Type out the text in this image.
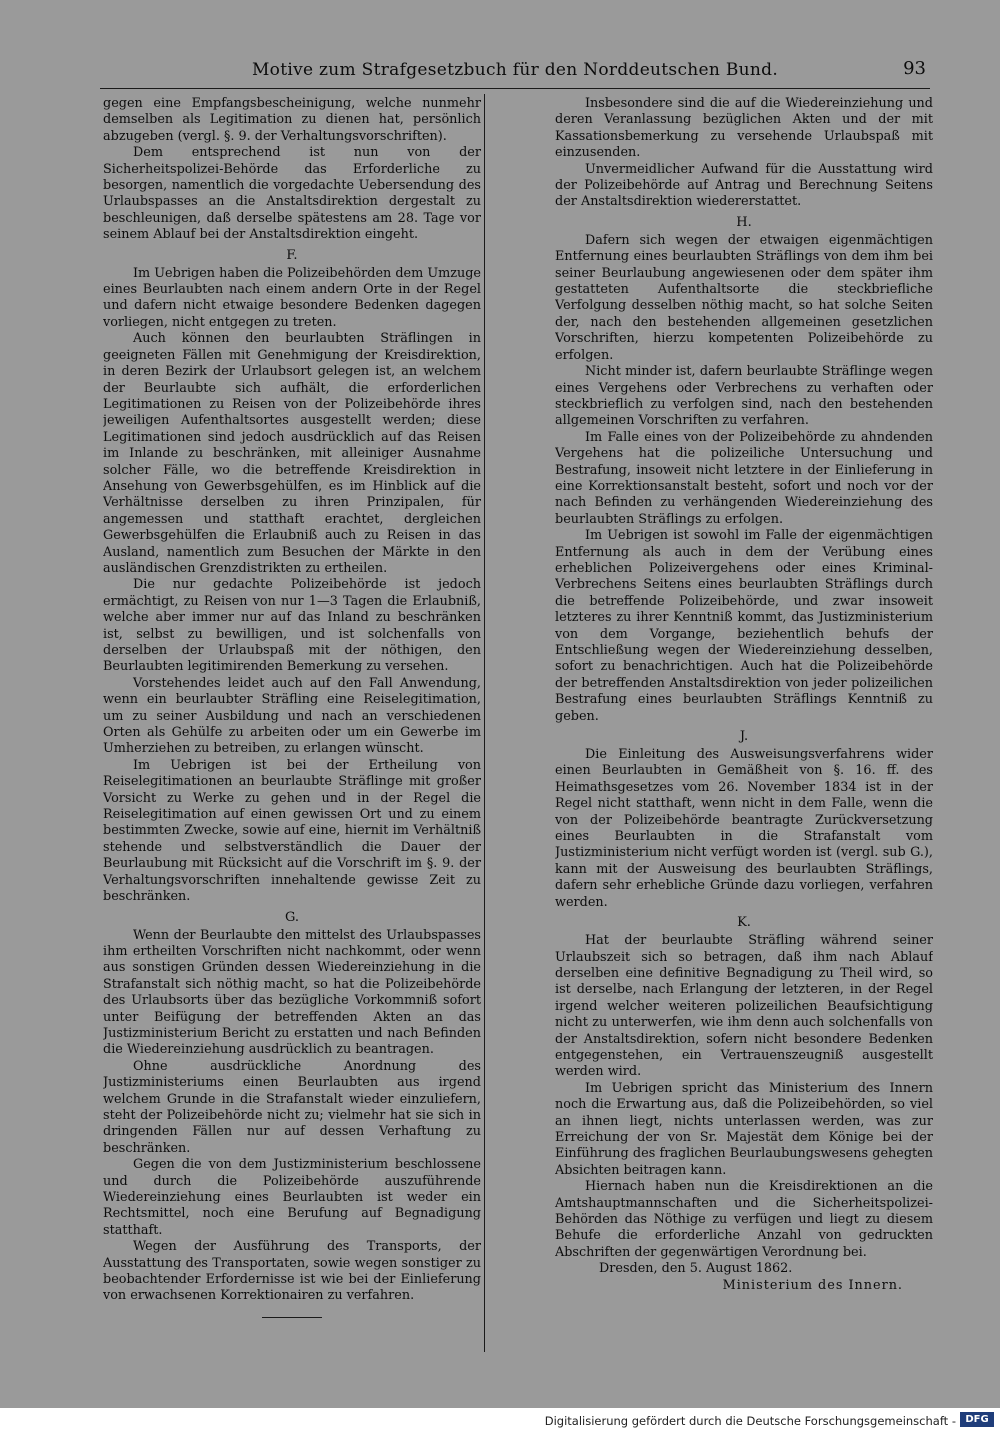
Motive zum Strafgesetzbuch für den Norddeutschen Bund.	93

gegen eine Empfangsbescheinigung, welche nunmehr demselben als Legitimation zu dienen hat, persönlich abzugeben (vergl. §. 9. der Verhaltungsvorschriften).

Dem entsprechend ist nun von der Sicherheitspolizei-Behörde das Erforderliche zu besorgen, namentlich die vorgedachte Uebersendung des Urlaubspasses an die Anstaltsdirektion dergestalt zu beschleunigen, daß derselbe spätestens am 28. Tage vor seinem Ablauf bei der Anstaltsdirektion eingeht.

F.

Im Uebrigen haben die Polizeibehörden dem Umzuge eines Beurlaubten nach einem andern Orte in der Regel und dafern nicht etwaige besondere Bedenken dagegen vorliegen, nicht entgegen zu treten.

Auch können den beurlaubten Sträflingen in geeigneten Fällen mit Genehmigung der Kreisdirektion, in deren Bezirk der Urlaubsort gelegen ist, an welchem der Beurlaubte sich aufhält, die erforderlichen Legitimationen zu Reisen von der Polizeibehörde ihres jeweiligen Aufenthaltsortes ausgestellt werden; diese Legitimationen sind jedoch ausdrücklich auf das Reisen im Inlande zu beschränken, mit alleiniger Ausnahme solcher Fälle, wo die betreffende Kreisdirektion in Ansehung von Gewerbsgehülfen, es im Hinblick auf die Verhältnisse derselben zu ihren Prinzipalen, für angemessen und statthaft erachtet, dergleichen Gewerbsgehülfen die Erlaubniß auch zu Reisen in das Ausland, namentlich zum Besuchen der Märkte in den ausländischen Grenzdistrikten zu ertheilen.

Die nur gedachte Polizeibehörde ist jedoch ermächtigt, zu Reisen von nur 1—3 Tagen die Erlaubniß, welche aber immer nur auf das Inland zu beschränken ist, selbst zu bewilligen, und ist solchenfalls von derselben der Urlaubspaß mit der nöthigen, den Beurlaubten legitimirenden Bemerkung zu versehen.

Vorstehendes leidet auch auf den Fall Anwendung, wenn ein beurlaubter Sträfling eine Reiselegitimation, um zu seiner Ausbildung und nach an verschiedenen Orten als Gehülfe zu arbeiten oder um ein Gewerbe im Umherziehen zu betreiben, zu erlangen wünscht.

Im Uebrigen ist bei der Ertheilung von Reiselegitimationen an beurlaubte Sträflinge mit großer Vorsicht zu Werke zu gehen und in der Regel die Reiselegitimation auf einen gewissen Ort und zu einem bestimmten Zwecke, sowie auf eine, hiernit im Verhältniß stehende und selbstverständlich die Dauer der Beurlaubung mit Rücksicht auf die Vorschrift im §. 9. der Verhaltungsvorschriften innehaltende gewisse Zeit zu beschränken.

G.

Wenn der Beurlaubte den mittelst des Urlaubspasses ihm ertheilten Vorschriften nicht nachkommt, oder wenn aus sonstigen Gründen dessen Wiedereinziehung in die Strafanstalt sich nöthig macht, so hat die Polizeibehörde des Urlaubsorts über das bezügliche Vorkommniß sofort unter Beifügung der betreffenden Akten an das Justizministerium Bericht zu erstatten und nach Befinden die Wiedereinziehung ausdrücklich zu beantragen.

Ohne ausdrückliche Anordnung des Justizministeriums einen Beurlaubten aus irgend welchem Grunde in die Strafanstalt wieder einzuliefern, steht der Polizeibehörde nicht zu; vielmehr hat sie sich in dringenden Fällen nur auf dessen Verhaftung zu beschränken.

Gegen die von dem Justizministerium beschlossene und durch die Polizeibehörde auszuführende Wiedereinziehung eines Beurlaubten ist weder ein Rechtsmittel, noch eine Berufung auf Begnadigung statthaft.

Wegen der Ausführung des Transports, der Ausstattung des Transportaten, sowie wegen sonstiger zu beobachtender Erfordernisse ist wie bei der Einlieferung von erwachsenen Korrektionairen zu verfahren.

Insbesondere sind die auf die Wiedereinziehung und deren Veranlassung bezüglichen Akten und der mit Kassationsbemerkung zu versehende Urlaubspaß mit einzusenden.

Unvermeidlicher Aufwand für die Ausstattung wird der Polizeibehörde auf Antrag und Berechnung Seitens der Anstaltsdirektion wiedererstattet.

H.

Dafern sich wegen der etwaigen eigenmächtigen Entfernung eines beurlaubten Sträflings von dem ihm bei seiner Beurlaubung angewiesenen oder dem später ihm gestatteten Aufenthaltsorte die steckbriefliche Verfolgung desselben nöthig macht, so hat solche Seiten der, nach den bestehenden allgemeinen gesetzlichen Vorschriften, hierzu kompetenten Polizeibehörde zu erfolgen.

Nicht minder ist, dafern beurlaubte Sträflinge wegen eines Vergehens oder Verbrechens zu verhaften oder steckbrieflich zu verfolgen sind, nach den bestehenden allgemeinen Vorschriften zu verfahren.

Im Falle eines von der Polizeibehörde zu ahndenden Vergehens hat die polizeiliche Untersuchung und Bestrafung, insoweit nicht letztere in der Einlieferung in eine Korrektionsanstalt besteht, sofort und noch vor der nach Befinden zu verhängenden Wiedereinziehung des beurlaubten Sträflings zu erfolgen.

Im Uebrigen ist sowohl im Falle der eigenmächtigen Entfernung als auch in dem der Verübung eines erheblichen Polizeivergehens oder eines Kriminal-Verbrechens Seitens eines beurlaubten Sträflings durch die betreffende Polizeibehörde, und zwar insoweit letzteres zu ihrer Kenntniß kommt, das Justizministerium von dem Vorgange, beziehentlich behufs der Entschließung wegen der Wiedereinziehung desselben, sofort zu benachrichtigen. Auch hat die Polizeibehörde der betreffenden Anstaltsdirektion von jeder polizeilichen Bestrafung eines beurlaubten Sträflings Kenntniß zu geben.

J.

Die Einleitung des Ausweisungsverfahrens wider einen Beurlaubten in Gemäßheit von §. 16. ff. des Heimathsgesetzes vom 26. November 1834 ist in der Regel nicht statthaft, wenn nicht in dem Falle, wenn die von der Polizeibehörde beantragte Zurückversetzung eines Beurlaubten in die Strafanstalt vom Justizministerium nicht verfügt worden ist (vergl. sub G.), kann mit der Ausweisung des beurlaubten Sträflings, dafern sehr erhebliche Gründe dazu vorliegen, verfahren werden.

K.

Hat der beurlaubte Sträfling während seiner Urlaubszeit sich so betragen, daß ihm nach Ablauf derselben eine definitive Begnadigung zu Theil wird, so ist derselbe, nach Erlangung der letzteren, in der Regel irgend welcher weiteren polizeilichen Beaufsichtigung nicht zu unterwerfen, wie ihm denn auch solchenfalls von der Anstaltsdirektion, sofern nicht besondere Bedenken entgegenstehen, ein Vertrauenszeugniß ausgestellt werden wird.

Im Uebrigen spricht das Ministerium des Innern noch die Erwartung aus, daß die Polizeibehörden, so viel an ihnen liegt, nichts unterlassen werden, was zur Erreichung der von Sr. Majestät dem Könige bei der Einführung des fraglichen Beurlaubungswesens gehegten Absichten beitragen kann.

Hiernach haben nun die Kreisdirektionen an die Amtshauptmannschaften und die Sicherheitspolizei-Behörden das Nöthige zu verfügen und liegt zu diesem Behufe die erforderliche Anzahl von gedruckten Abschriften der gegenwärtigen Verordnung bei.

Dresden, den 5. August 1862.

Ministerium des Innern.

Digitalisierung gefördert durch die Deutsche Forschungsgemeinschaft - DFG
